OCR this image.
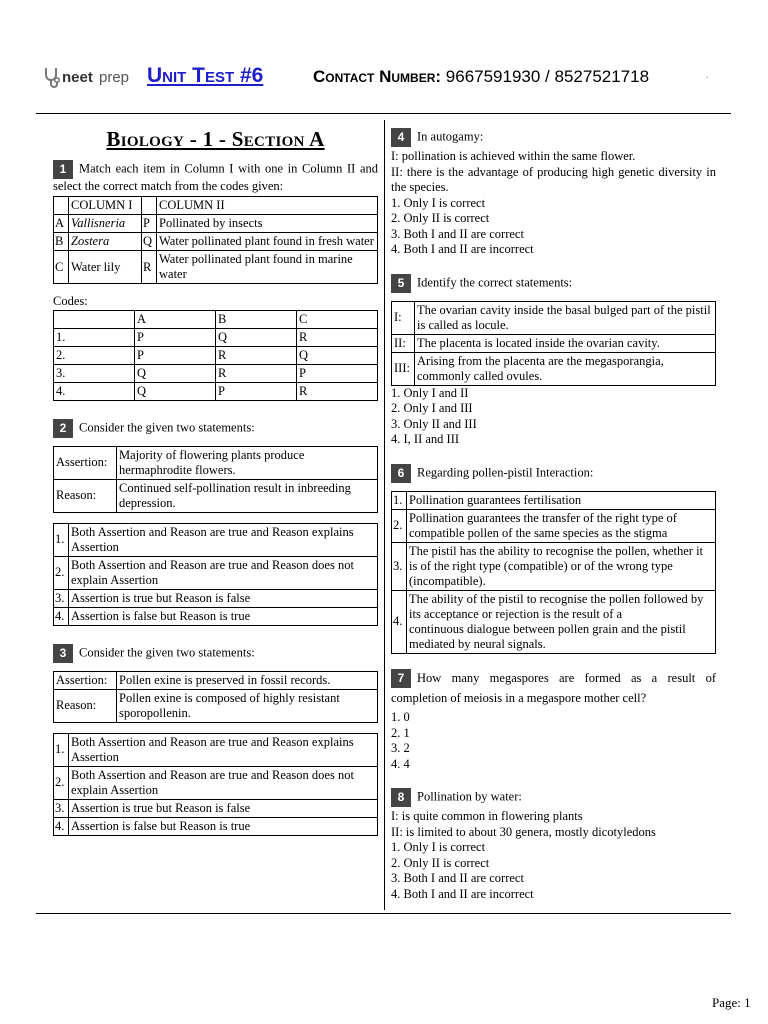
neet prep Unit Test #6	Contact Number: 9667591930 / 8527521718	.
Biology - 1 - Section A
1 Match each item in Column I with one in Column II and select the correct match from the codes given:
	COLUMN I		COLUMN II
A	Vallisneria	P	Pollinated by insects
B	Zostera	Q	Water pollinated plant found in fresh water
C	Water lily	R	Water pollinated plant found in marine water
Codes:
	A	B	C
1.	P	Q	R
2.	P	R	Q
3.	Q	R	P
4.	Q	P	R
2 Consider the given two statements:
Assertion:	Majority of flowering plants produce hermaphrodite flowers.
Reason:	Continued self-pollination result in inbreeding depression.
1.	Both Assertion and Reason are true and Reason explains Assertion
2.	Both Assertion and Reason are true and Reason does not explain Assertion
3.	Assertion is true but Reason is false
4.	Assertion is false but Reason is true
3 Consider the given two statements:
Assertion:	Pollen exine is preserved in fossil records.
Reason:	Pollen exine is composed of highly resistant sporopollenin.
1.	Both Assertion and Reason are true and Reason explains Assertion
2.	Both Assertion and Reason are true and Reason does not explain Assertion
3.	Assertion is true but Reason is false
4.	Assertion is false but Reason is true
4 In autogamy:
I: pollination is achieved within the same flower.
II: there is the advantage of producing high genetic diversity in the species.
1. Only I is correct
2. Only II is correct
3. Both I and II are correct
4. Both I and II are incorrect
5 Identify the correct statements:
I:	The ovarian cavity inside the basal bulged part of the pistil is called as locule.
II:	The placenta is located inside the ovarian cavity.
III:	Arising from the placenta are the megasporangia, commonly called ovules.
1. Only I and II
2. Only I and III
3. Only II and III
4. I, II and III
6 Regarding pollen-pistil Interaction:
1.	Pollination guarantees fertilisation
2.	Pollination guarantees the transfer of the right type of compatible pollen of the same species as the stigma
3.	The pistil has the ability to recognise the pollen, whether it is of the right type (compatible) or of the wrong type (incompatible).
4.	The ability of the pistil to recognise the pollen followed by its acceptance or rejection is the result of a
continuous dialogue between pollen grain and the pistil mediated by neural signals.
7 How many megaspores are formed as a result of completion of meiosis in a megaspore mother cell?
1. 0
2. 1
3. 2
4. 4
8 Pollination by water:
I: is quite common in flowering plants
II: is limited to about 30 genera, mostly dicotyledons
1. Only I is correct
2. Only II is correct
3. Both I and II are correct
4. Both I and II are incorrect
Page: 1
